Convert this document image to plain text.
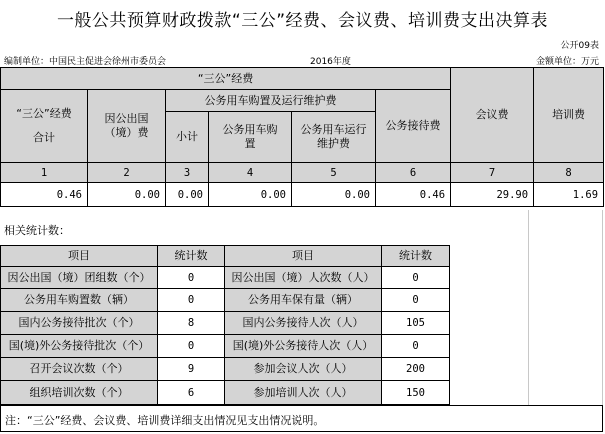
一般公共预算财政拨款“三公”经费、会议费、培训费支出决算表
公开09表
编制单位：中国民主促进会徐州市委员会	2016年度	金额单位：万元
“三公”经费						会议费	培训费

“三公”经费
合计	因公出国（境）费	公务用车购置及运行维护费			公务接待费		
		小计	公务用车购置	公务用车运行维护费			
1	2	3	4	5	6	7	8
0.46	0.00	0.00	0.00	0.00	0.46	29.90	1.69
相关统计数：
项目	统计数	项目	统计数
因公出国（境）团组数（个）	0	因公出国（境）人次数（人）	0
公务用车购置数（辆）	0	公务用车保有量（辆）	0
国内公务接待批次（个）	8	国内公务接待人次（人）	105
国(境)外公务接待批次（个）	0	国(境)外公务接待人次（人）	0
召开会议次数（个）	9	参加会议人次（人）	200
组织培训次数（个）	6	参加培训人次（人）	150
注：“三公”经费、会议费、培训费详细支出情况见支出情况说明。
